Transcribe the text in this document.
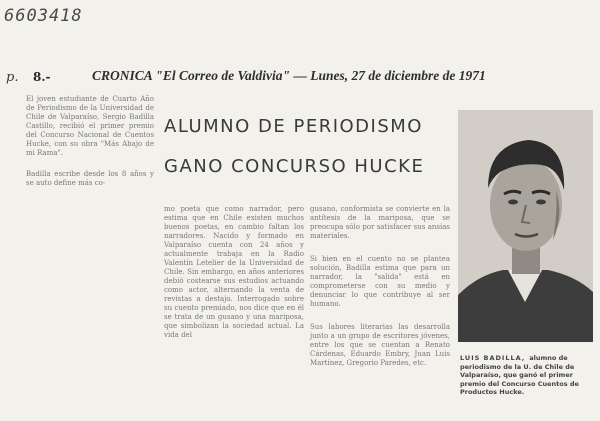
6603418
p. 8.-	CRONICA "El Correo de Valdivia" — Lunes, 27 de diciembre de 1971

El joven estudiante de Cuarto Año de Periodismo de la Universidad de Chile de Valparaíso, Sergio Badilla Castillo, recibió el primer premio del Concurso Nacional de Cuentos Hucke, con su obra "Más Abajo de mi Rama".

Badilla escribe desde los 8 años y se auto define más co-

ALUMNO DE PERIODISMO
GANO CONCURSO HUCKE

mo poeta que como narrador, pero estima que en Chile existen muchos buenos poetas, en cambio faltan los narradores. Nacido y formado en Valparaíso cuenta con 24 años y actualmente trabaja en la Radio Valentín Letelier de la Universidad de Chile. Sin embargo, en años anteriores debió costearse sus estudios actuando como actor, alternando la venta de revistas a destajo. Interrogado sobre su cuento premiado, nos dice que en él se trata de un gusano y una mariposa, que simbolizan la sociedad actual. La vida del

gusano, conformista se convierte en la antítesis de la mariposa, que se preocupa sólo por satisfacer sus ansias materiales.

Si bien en el cuento no se plantea solución, Badilla estima que para un narrador, la "salida" está en comprometerse con su medio y denunciar lo que contribuye al ser humano.

Sus labores literarias las desarrolla junto a un grupo de escritores jóvenes, entre los que se cuentan a Renato Cárdenas, Eduardo Embry, Juan Luis Martínez, Gregorio Paredes, etc.

LUIS BADILLA, alumno de periodismo de la U. de Chile de Valparaíso, que ganó el primer premio del Concurso Cuentos de Productos Hucke.
